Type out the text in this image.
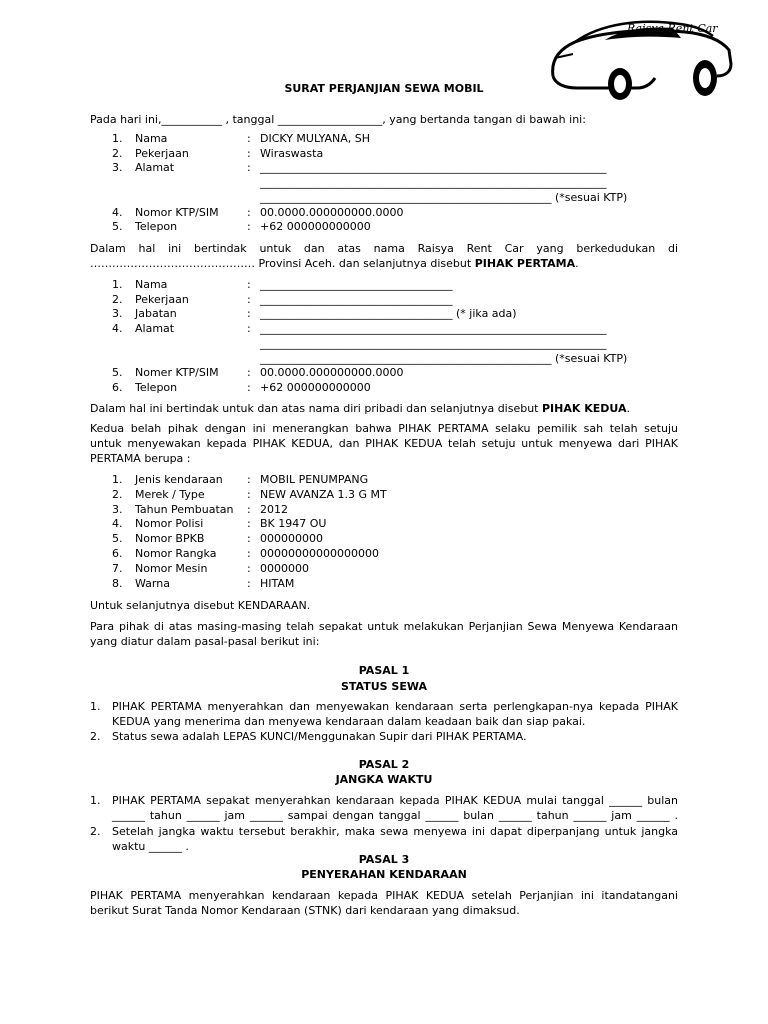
Raisya Rent Car
SURAT PERJANJIAN SEWA MOBIL
Pada hari ini,___________ , tanggal ___________________, yang bertanda tangan di bawah ini:
1.	Nama	: DICKY MULYANA, SH
2.	Pekerjaan	: Wiraswasta
3.	Alamat	: _______________________________________________________________
_______________________________________________________________
_____________________________________________________ (*sesuai KTP)
4.	Nomor KTP/SIM	: 00.0000.000000000.0000
5.	Telepon	: +62 000000000000
Dalam hal ini bertindak untuk dan atas nama Raisya Rent Car yang berkedudukan di
……………………………………… Provinsi Aceh. dan selanjutnya disebut PIHAK PERTAMA.
1.	Nama	: ___________________________________
2.	Pekerjaan	: ___________________________________
3.	Jabatan	: ___________________________________ (* jika ada)
4.	Alamat	: _______________________________________________________________
_______________________________________________________________
_____________________________________________________ (*sesuai KTP)
5.	Nomer KTP/SIM	: 00.0000.000000000.0000
6.	Telepon	: +62 000000000000
Dalam hal ini bertindak untuk dan atas nama diri pribadi dan selanjutnya disebut PIHAK KEDUA.
Kedua belah pihak dengan ini menerangkan bahwa PIHAK PERTAMA selaku pemilik sah telah setuju
untuk menyewakan kepada PIHAK KEDUA, dan PIHAK KEDUA telah setuju untuk menyewa dari PIHAK
PERTAMA berupa :
1.	Jenis kendaraan : MOBIL PENUMPANG
2.	Merek / Type	: NEW AVANZA 1.3 G MT
3.	Tahun Pembuatan : 2012
4.	Nomor Polisi	: BK 1947 OU
5.	Nomor BPKB	: 000000000
6.	Nomor Rangka	: 00000000000000000
7.	Nomor Mesin	: 0000000
8.	Warna	: HITAM
Untuk selanjutnya disebut KENDARAAN.
Para pihak di atas masing-masing telah sepakat untuk melakukan Perjanjian Sewa Menyewa Kendaraan
yang diatur dalam pasal-pasal berikut ini:
PASAL 1
STATUS SEWA
1. PIHAK PERTAMA menyerahkan dan menyewakan kendaraan serta perlengkapan-nya kepada PIHAK
KEDUA yang menerima dan menyewa kendaraan dalam keadaan baik dan siap pakai.
2. Status sewa adalah LEPAS KUNCI/Menggunakan Supir dari PIHAK PERTAMA.
PASAL 2
JANGKA WAKTU
1. PIHAK PERTAMA sepakat menyerahkan kendaraan kepada PIHAK KEDUA mulai tanggal ______ bulan
______ tahun ______ jam ______ sampai dengan tanggal ______ bulan ______ tahun ______ jam ______ .
2. Setelah jangka waktu tersebut berakhir, maka sewa menyewa ini dapat diperpanjang untuk jangka
waktu ______ .
PASAL 3
PENYERAHAN KENDARAAN
PIHAK PERTAMA menyerahkan kendaraan kepada PIHAK KEDUA setelah Perjanjian ini itandatangani
berikut Surat Tanda Nomor Kendaraan (STNK) dari kendaraan yang dimaksud.
